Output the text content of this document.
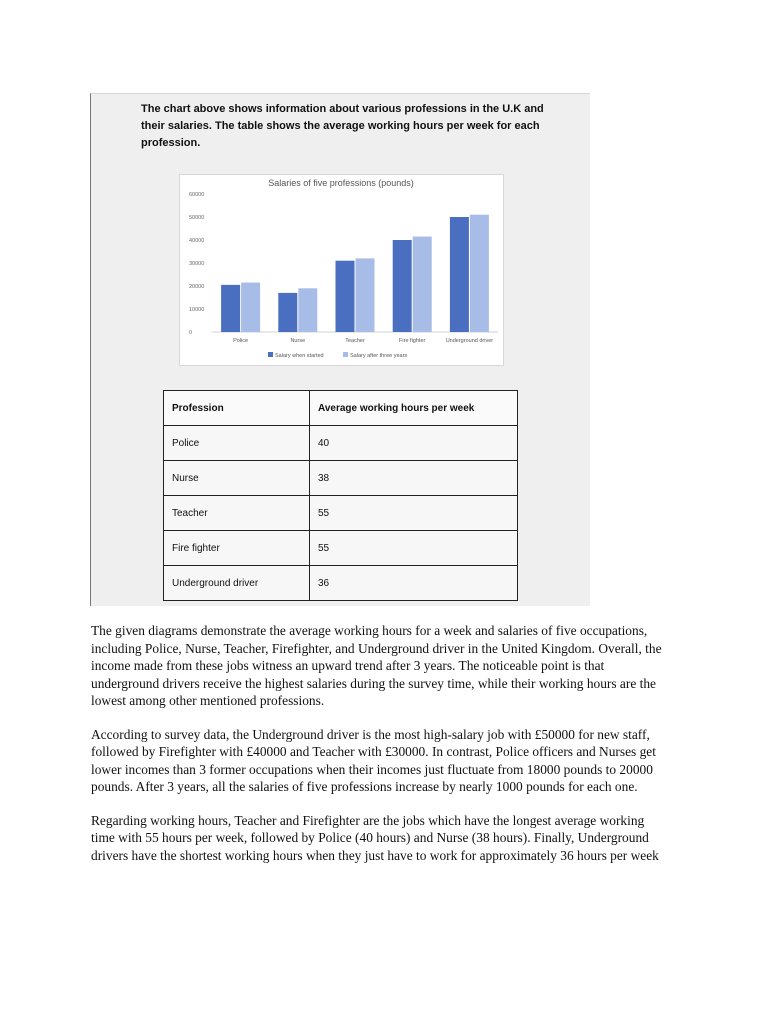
The chart above shows information about various professions in the U.K and their salaries. The table shows the average working hours per week for each profession.
Salaries of five professions (pounds)
60000
50000
40000
30000
20000
10000
0
Police	Nurse	Teacher	Fire fighter	Underground driver
Salary when started	Salary after three years
Profession	Average working hours per week
Police	40
Nurse	38
Teacher	55
Fire fighter	55
Underground driver	36

The given diagrams demonstrate the average working hours for a week and salaries of five occupations, including Police, Nurse, Teacher, Firefighter, and Underground driver in the United Kingdom. Overall, the income made from these jobs witness an upward trend after 3 years. The noticeable point is that underground drivers receive the highest salaries during the survey time, while their working hours are the lowest among other mentioned professions.

According to survey data, the Underground driver is the most high-salary job with £50000 for new staff, followed by Firefighter with £40000 and Teacher with £30000. In contrast, Police officers and Nurses get lower incomes than 3 former occupations when their incomes just fluctuate from 18000 pounds to 20000 pounds. After 3 years, all the salaries of five professions increase by nearly 1000 pounds for each one.

Regarding working hours, Teacher and Firefighter are the jobs which have the longest average working time with 55 hours per week, followed by Police (40 hours) and Nurse (38 hours). Finally, Underground drivers have the shortest working hours when they just have to work for approximately 36 hours per week
